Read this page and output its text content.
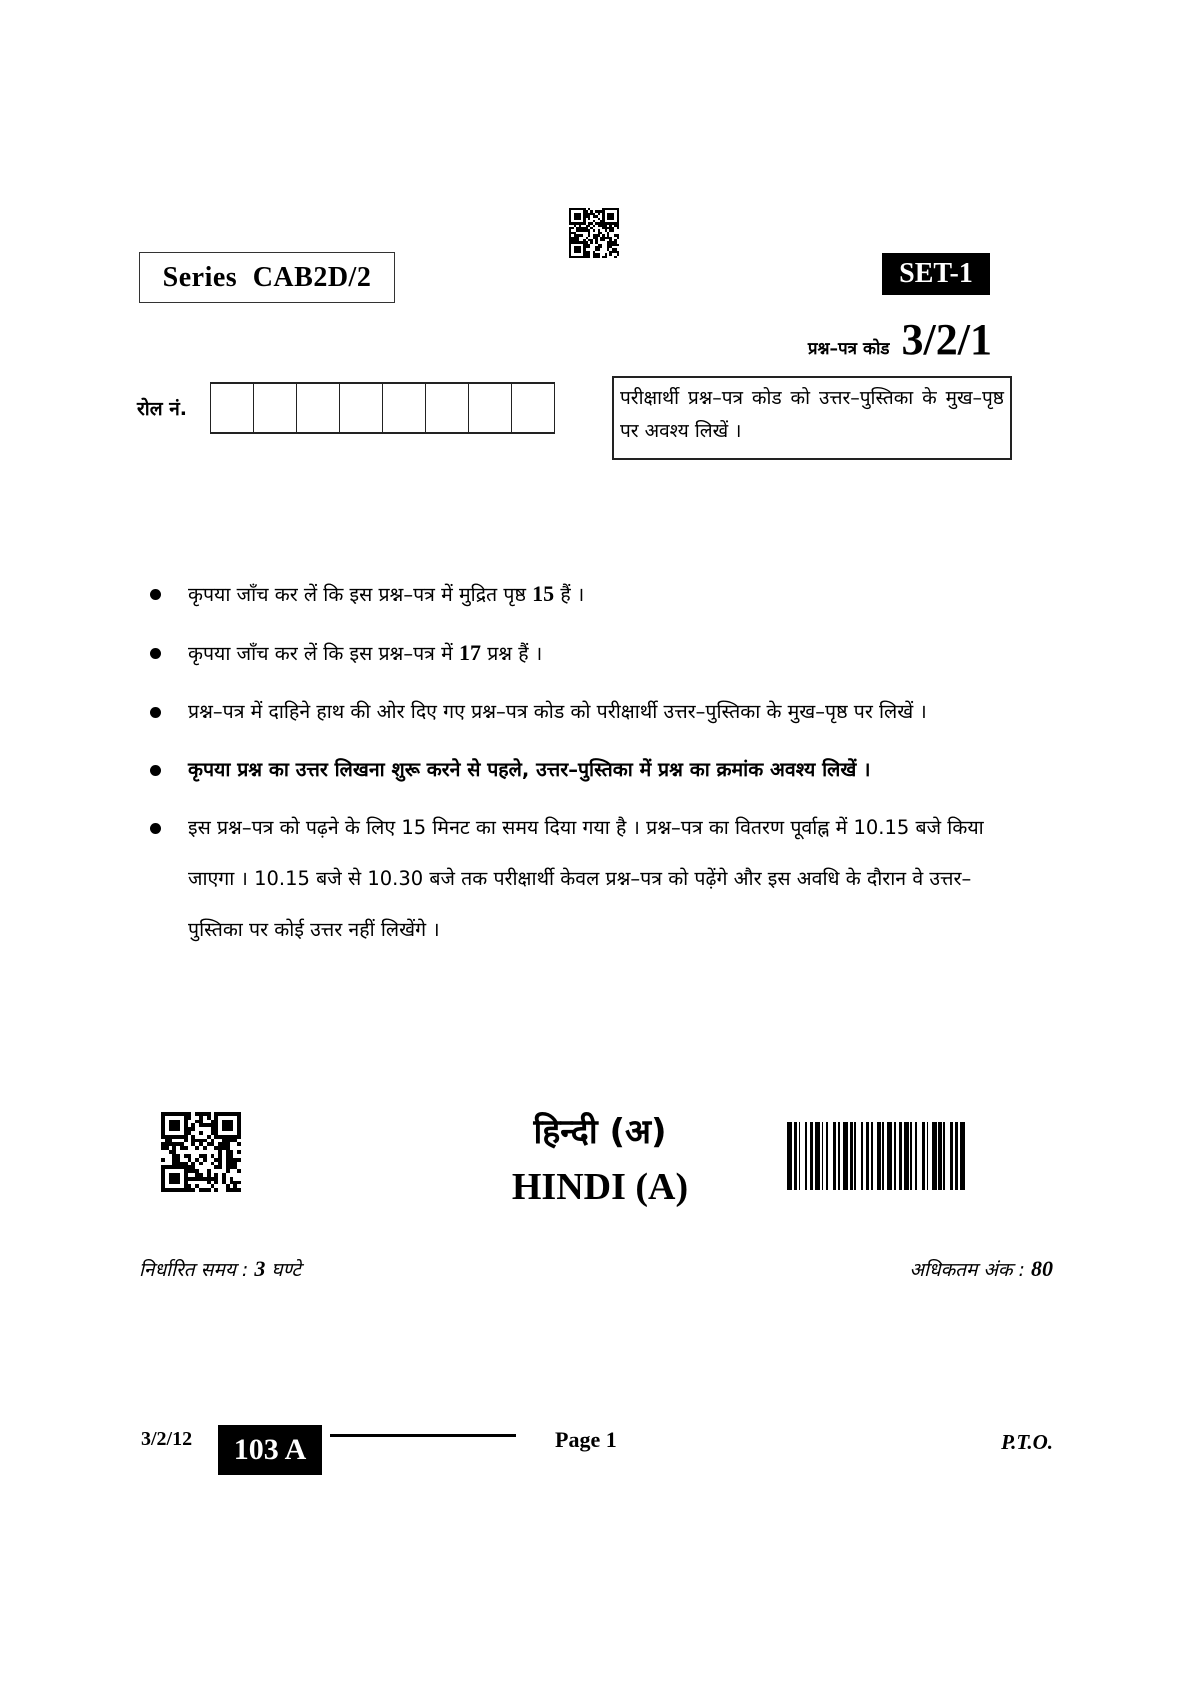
Series CAB2D/2	SET-1
प्रश्न–पत्र कोड 3/2/1
रोल नं.	परीक्षार्थी प्रश्न–पत्र कोड को उत्तर–पुस्तिका के मुख–पृष्ठ पर अवश्य लिखें ।
कृपया जाँच कर लें कि इस प्रश्न–पत्र में मुद्रित पृष्ठ 15 हैं ।
कृपया जाँच कर लें कि इस प्रश्न–पत्र में 17 प्रश्न हैं ।
प्रश्न–पत्र में दाहिने हाथ की ओर दिए गए प्रश्न–पत्र कोड को परीक्षार्थी उत्तर–पुस्तिका के मुख–पृष्ठ पर लिखें ।
कृपया प्रश्न का उत्तर लिखना शुरू करने से पहले, उत्तर–पुस्तिका में प्रश्न का क्रमांक अवश्य लिखें ।
इस प्रश्न–पत्र को पढ़ने के लिए 15 मिनट का समय दिया गया है । प्रश्न–पत्र का वितरण पूर्वाह्न में 10.15 बजे किया जाएगा । 10.15 बजे से 10.30 बजे तक परीक्षार्थी केवल प्रश्न–पत्र को पढ़ेंगे और इस अवधि के दौरान वे उत्तर–पुस्तिका पर कोई उत्तर नहीं लिखेंगे ।
हिन्दी (अ)
HINDI (A)
निर्धारित समय : 3 घण्टे	अधिकतम अंक : 80
3/2/12	103 A	Page 1	P.T.O.
